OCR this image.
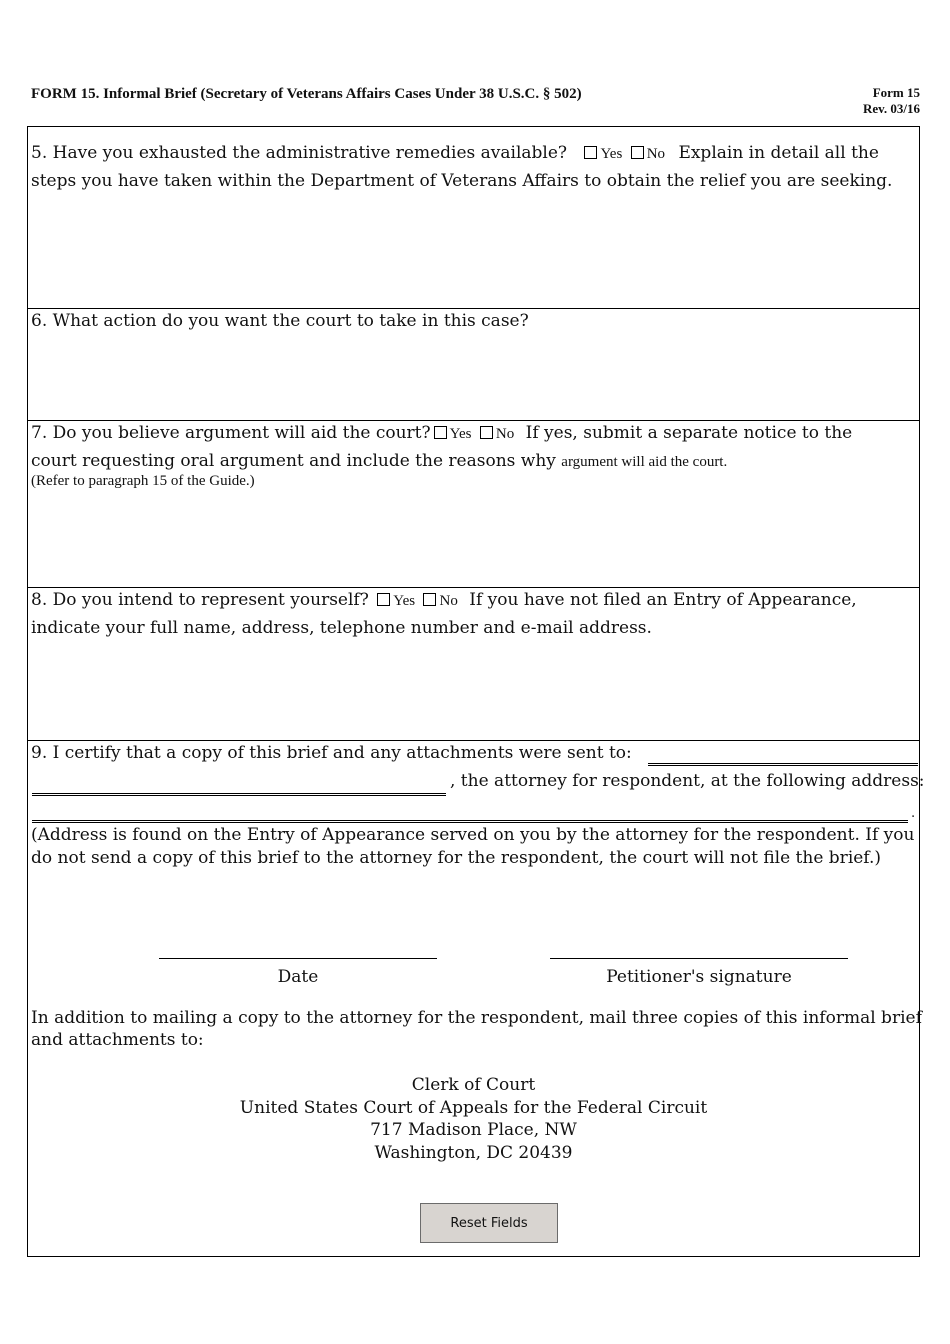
FORM 15. Informal Brief (Secretary of Veterans Affairs Cases Under 38 U.S.C. § 502)	Form 15
Rev. 03/16
5. Have you exhausted the administrative remedies available? Yes No Explain in detail all the
steps you have taken within the Department of Veterans Affairs to obtain the relief you are seeking.
6. What action do you want the court to take in this case?
7. Do you believe argument will aid the court? Yes No If yes, submit a separate notice to the
court requesting oral argument and include the reasons why argument will aid the court.
(Refer to paragraph 15 of the Guide.)
8. Do you intend to represent yourself? Yes No If you have not filed an Entry of Appearance,
indicate your full name, address, telephone number and e-mail address.
9. I certify that a copy of this brief and any attachments were sent to:
, the attorney for respondent, at the following address:
.
(Address is found on the Entry of Appearance served on you by the attorney for the respondent. If you
do not send a copy of this brief to the attorney for the respondent, the court will not file the brief.)
Date	Petitioner's signature
In addition to mailing a copy to the attorney for the respondent, mail three copies of this informal brief
and attachments to:
Clerk of Court
United States Court of Appeals for the Federal Circuit
717 Madison Place, NW
Washington, DC 20439
Reset Fields
